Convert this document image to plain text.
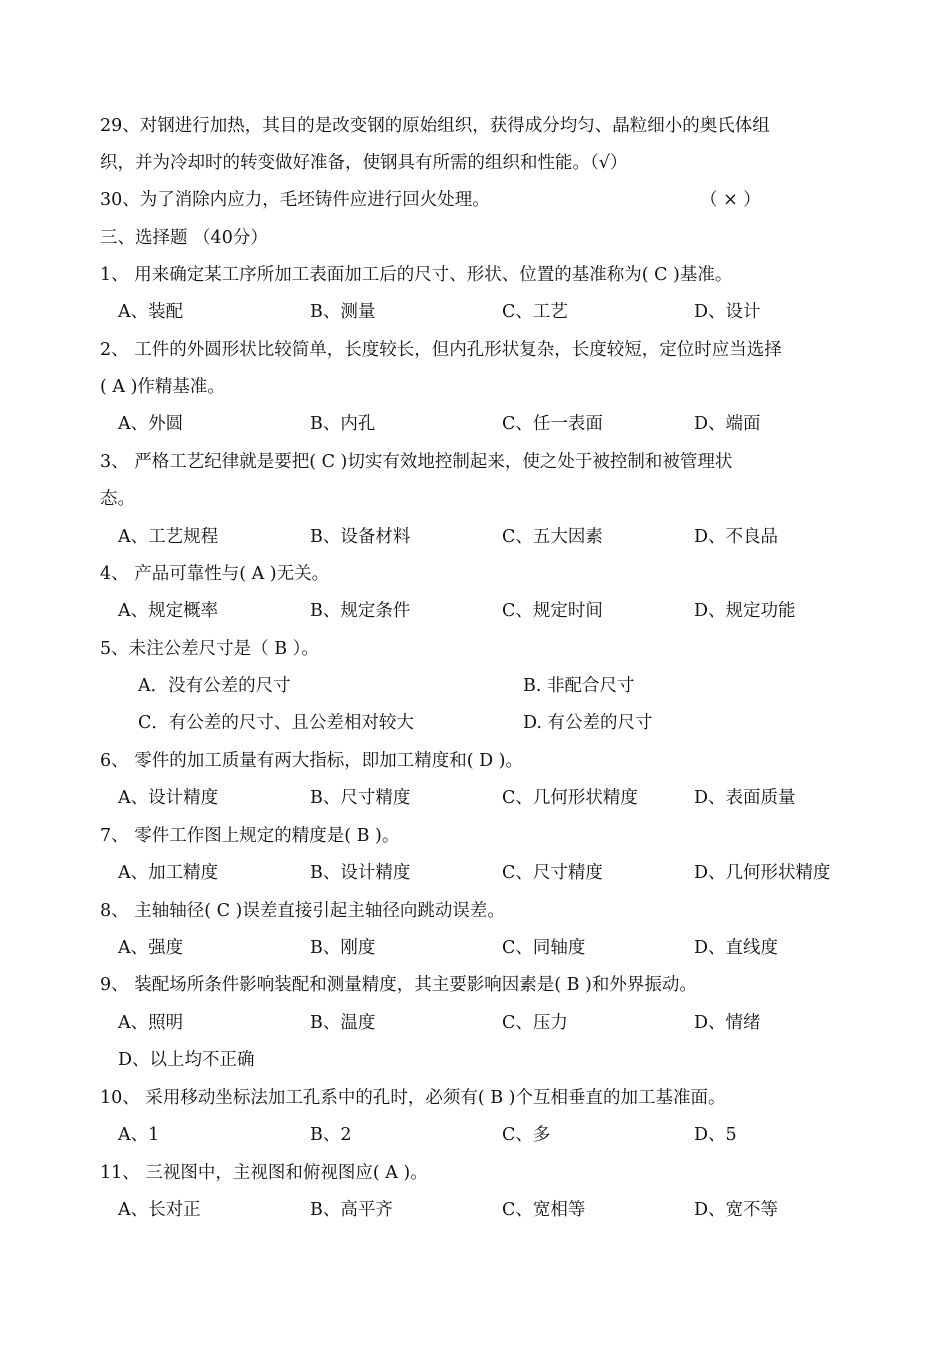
29、对钢进行加热，其目的是改变钢的原始组织，获得成分均匀、晶粒细小的奥氏体组
织，并为冷却时的转变做好准备，使钢具有所需的组织和性能。（√）
30、为了消除内应力，毛坯铸件应进行回火处理。	（ × ）
三、选择题 （40分）
1、 用来确定某工序所加工表面加工后的尺寸、形状、位置的基准称为( C )基准。
A、装配	B、测量	C、工艺	D、设计
2、 工件的外圆形状比较简单，长度较长，但内孔形状复杂，长度较短，定位时应当选择
( A )作精基准。
A、外圆	B、内孔	C、任一表面	D、端面
3、 严格工艺纪律就是要把( C )切实有效地控制起来，使之处于被控制和被管理状
态。
A、工艺规程	B、设备材料	C、五大因素	D、不良品
4、 产品可靠性与( A )无关。
A、规定概率	B、规定条件	C、规定时间	D、规定功能
5、未注公差尺寸是（ B ）。
A．没有公差的尺寸	B. 非配合尺寸
C．有公差的尺寸、且公差相对较大	D. 有公差的尺寸
6、 零件的加工质量有两大指标，即加工精度和( D )。
A、设计精度	B、尺寸精度	C、几何形状精度	D、表面质量
7、 零件工作图上规定的精度是( B )。
A、加工精度	B、设计精度	C、尺寸精度	D、几何形状精度
8、 主轴轴径( C )误差直接引起主轴径向跳动误差。
A、强度	B、刚度	C、同轴度	D、直线度
9、 装配场所条件影响装配和测量精度，其主要影响因素是( B )和外界振动。
A、照明	B、温度	C、压力	D、情绪
D、以上均不正确
10、 采用移动坐标法加工孔系中的孔时，必须有( B )个互相垂直的加工基准面。
A、1	B、2	C、多	D、5
11、 三视图中，主视图和俯视图应( A )。
A、长对正	B、高平齐	C、宽相等	D、宽不等
